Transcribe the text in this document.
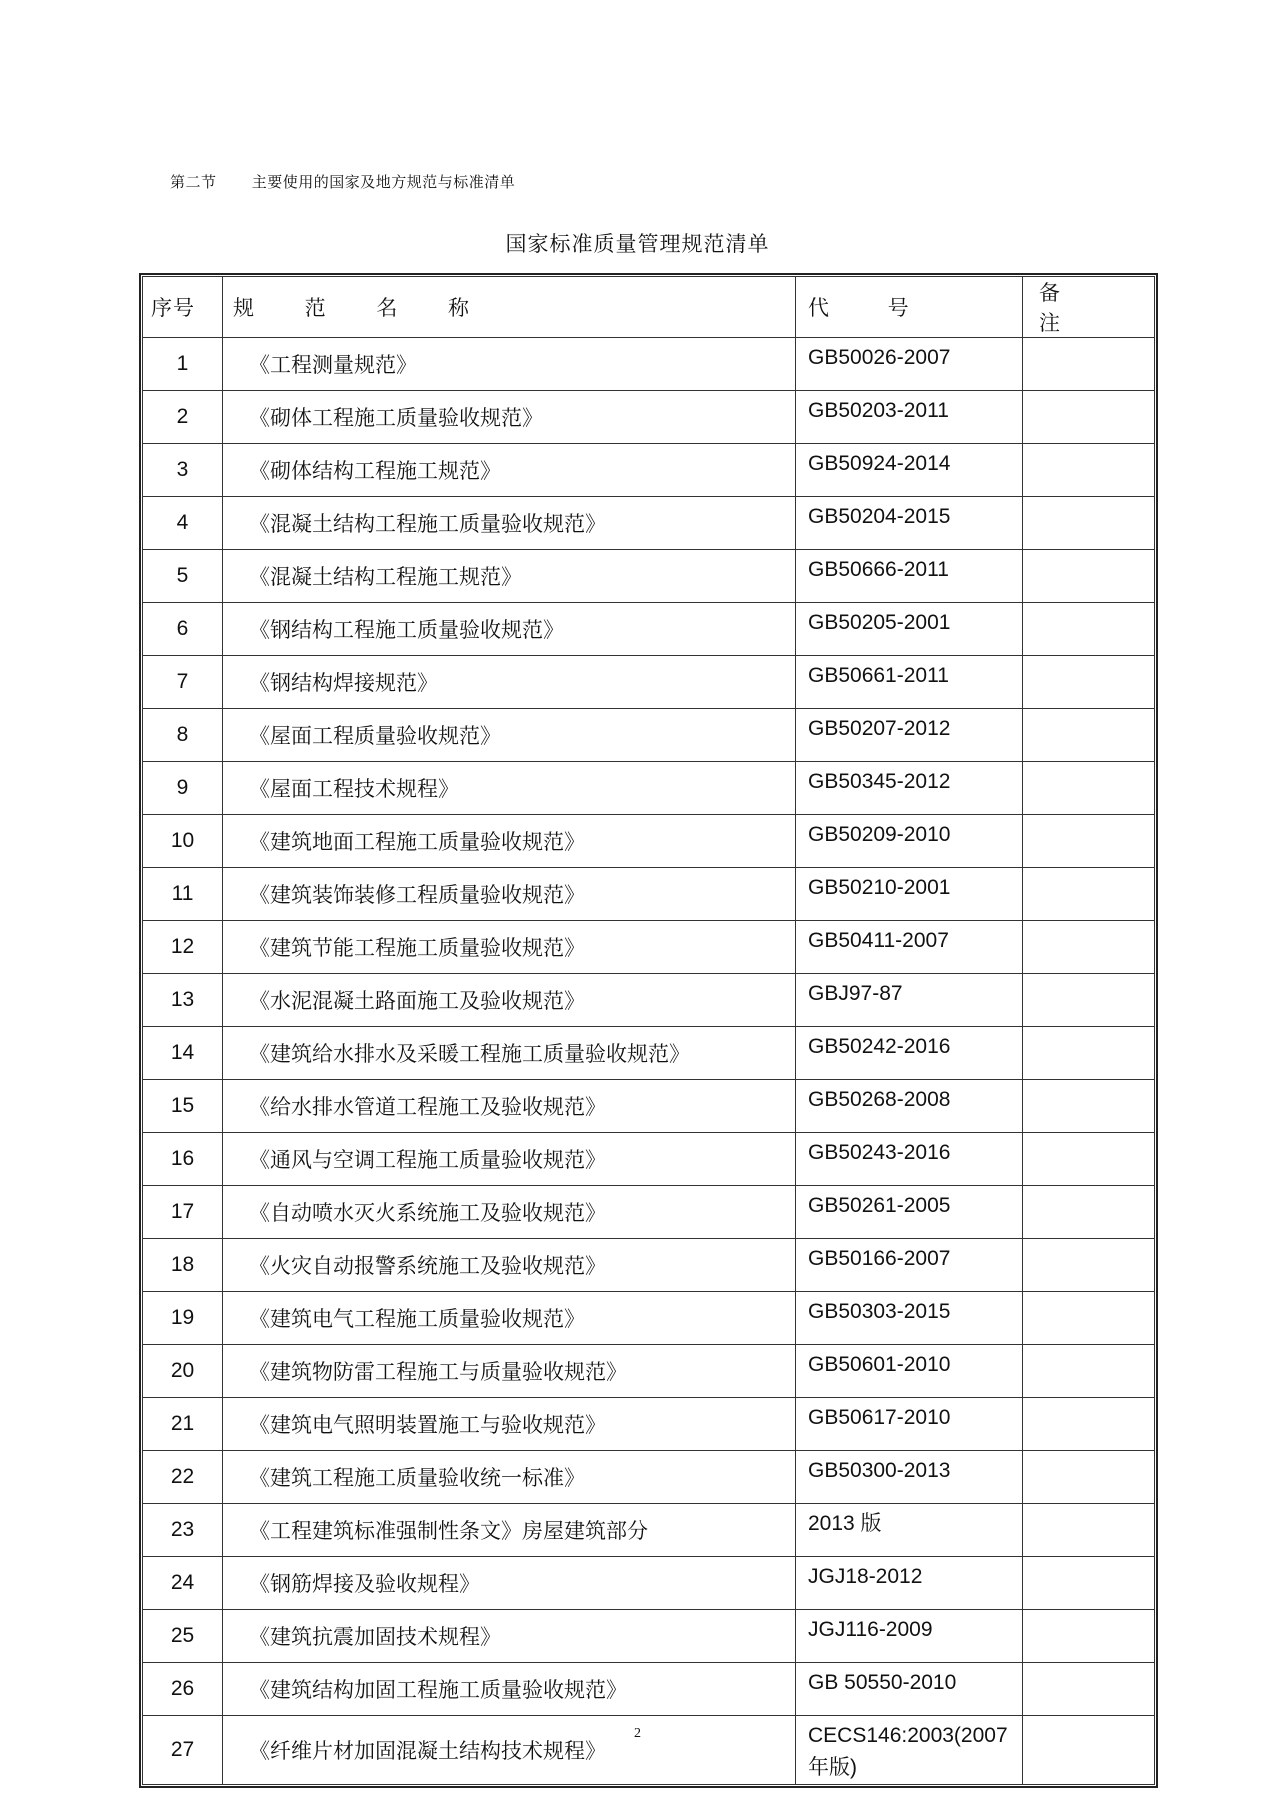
第二节 主要使用的国家及地方规范与标准清单
国家标准质量管理规范清单
序号	规 范 名 称	代 号	备 注
1	《工程测量规范》	GB50026-2007	
2	《砌体工程施工质量验收规范》	GB50203-2011	
3	《砌体结构工程施工规范》	GB50924-2014	
4	《混凝土结构工程施工质量验收规范》	GB50204-2015	
5	《混凝土结构工程施工规范》	GB50666-2011	
6	《钢结构工程施工质量验收规范》	GB50205-2001	
7	《钢结构焊接规范》	GB50661-2011	
8	《屋面工程质量验收规范》	GB50207-2012	
9	《屋面工程技术规程》	GB50345-2012	
10	《建筑地面工程施工质量验收规范》	GB50209-2010	
11	《建筑装饰装修工程质量验收规范》	GB50210-2001	
12	《建筑节能工程施工质量验收规范》	GB50411-2007	
13	《水泥混凝土路面施工及验收规范》	GBJ97-87	
14	《建筑给水排水及采暖工程施工质量验收规范》	GB50242-2016	
15	《给水排水管道工程施工及验收规范》	GB50268-2008	
16	《通风与空调工程施工质量验收规范》	GB50243-2016	
17	《自动喷水灭火系统施工及验收规范》	GB50261-2005	
18	《火灾自动报警系统施工及验收规范》	GB50166-2007	
19	《建筑电气工程施工质量验收规范》	GB50303-2015	
20	《建筑物防雷工程施工与质量验收规范》	GB50601-2010	
21	《建筑电气照明装置施工与验收规范》	GB50617-2010	
22	《建筑工程施工质量验收统一标准》	GB50300-2013	
23	《工程建筑标准强制性条文》房屋建筑部分	2013 版	
24	《钢筋焊接及验收规程》	JGJ18-2012	
25	《建筑抗震加固技术规程》	JGJ116-2009	
26	《建筑结构加固工程施工质量验收规范》	GB 50550-2010	
27	《纤维片材加固混凝土结构技术规程》	CECS146:2003(2007 年版)	
2
